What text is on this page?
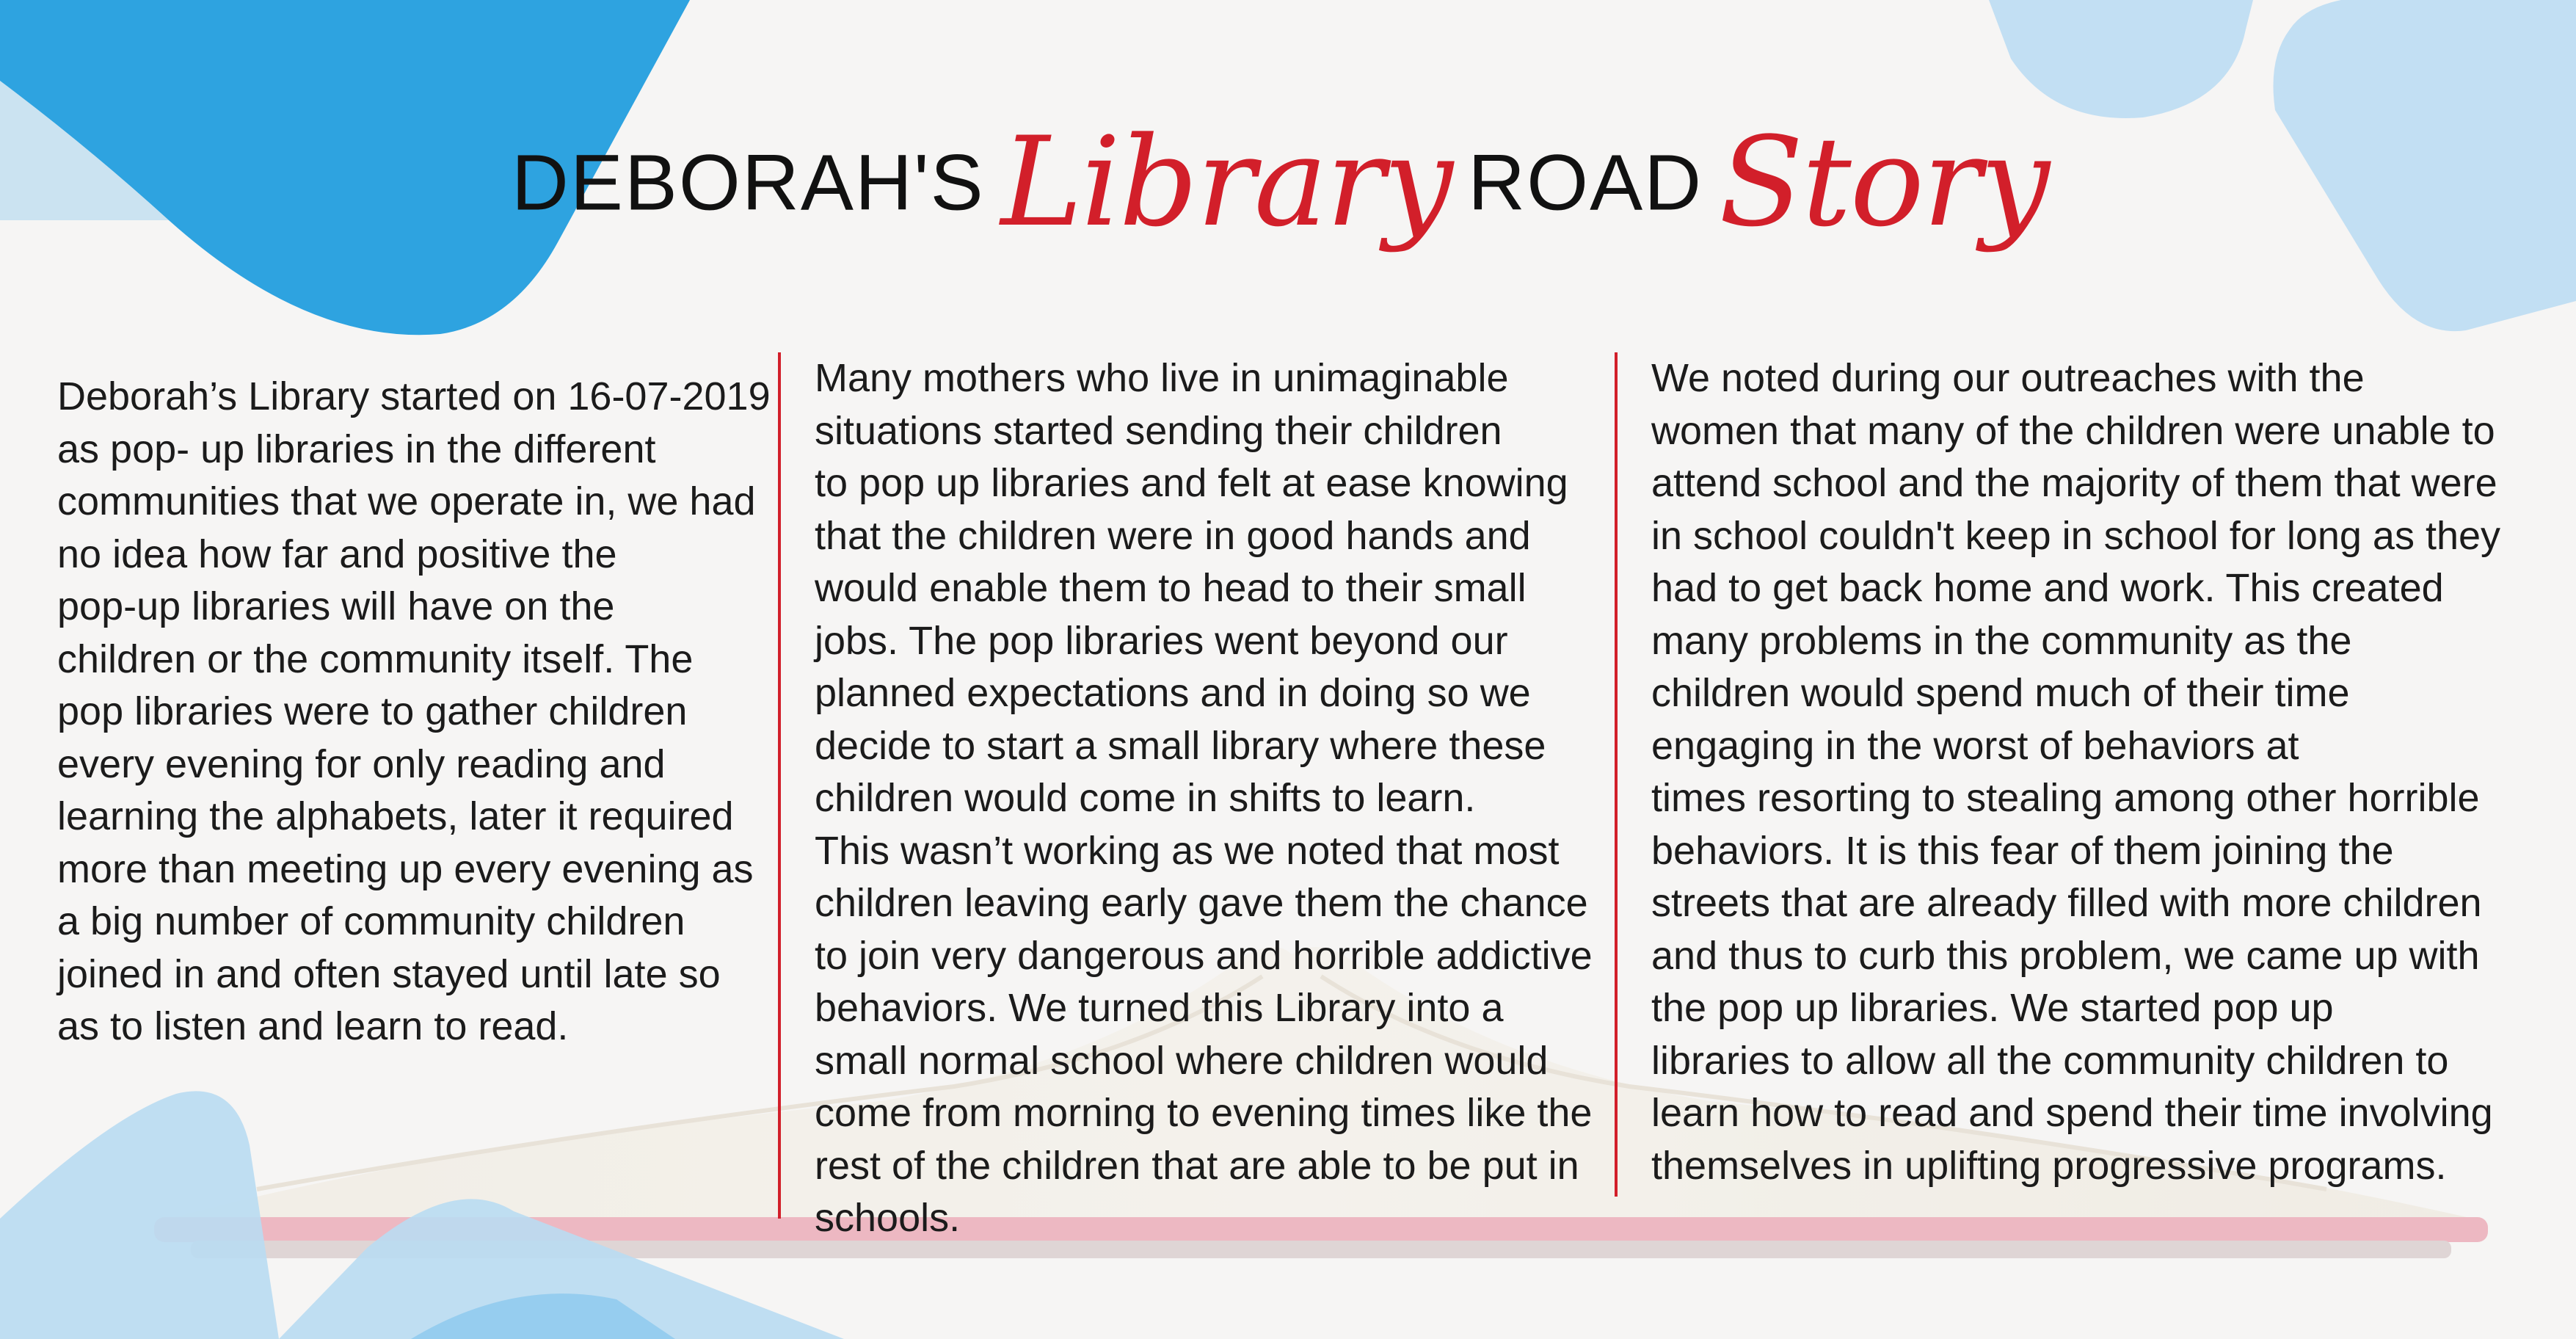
DEBORAH'S Library ROAD Story
Deborah’s Library started on 16-07-2019
as pop- up libraries in the different
communities that we operate in, we had
no idea how far and positive the
pop-up libraries will have on the
children or the community itself. The
pop libraries were to gather children
every evening for only reading and
learning the alphabets, later it required
more than meeting up every evening as
a big number of community children
joined in and often stayed until late so
as to listen and learn to read.
Many mothers who live in unimaginable
situations started sending their children
to pop up libraries and felt at ease knowing
that the children were in good hands and
would enable them to head to their small
jobs. The pop libraries went beyond our
planned expectations and in doing so we
decide to start a small library where these
children would come in shifts to learn.
This wasn’t working as we noted that most
children leaving early gave them the chance
to join very dangerous and horrible addictive
behaviors. We turned this Library into a
small normal school where children would
come from morning to evening times like the
rest of the children that are able to be put in
schools.
We noted during our outreaches with the
women that many of the children were unable to
attend school and the majority of them that were
in school couldn't keep in school for long as they
had to get back home and work. This created
many problems in the community as the
children would spend much of their time
engaging in the worst of behaviors at
times resorting to stealing among other horrible
behaviors. It is this fear of them joining the
streets that are already filled with more children
and thus to curb this problem, we came up with
the pop up libraries. We started pop up
libraries to allow all the community children to
learn how to read and spend their time involving
themselves in uplifting progressive programs.
